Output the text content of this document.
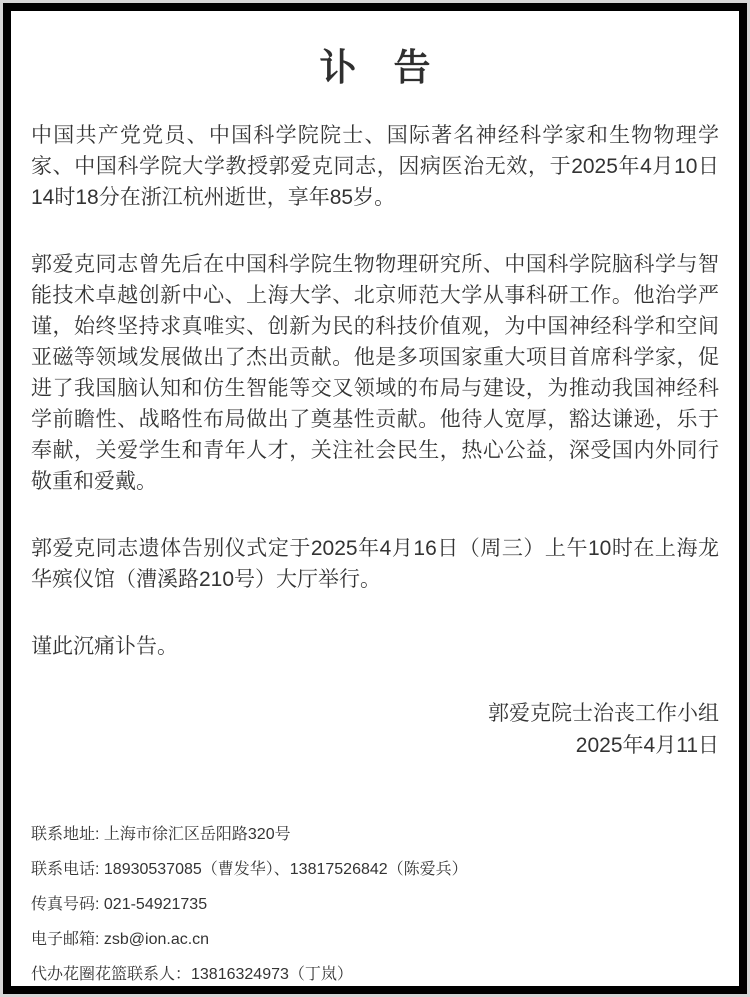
讣　告

中国共产党党员、中国科学院院士、国际著名神经科学家和生物物理学家、中国科学院大学教授郭爱克同志，因病医治无效，于2025年4月10日14时18分在浙江杭州逝世，享年85岁。

郭爱克同志曾先后在中国科学院生物物理研究所、中国科学院脑科学与智能技术卓越创新中心、上海大学、北京师范大学从事科研工作。他治学严谨，始终坚持求真唯实、创新为民的科技价值观，为中国神经科学和空间亚磁等领域发展做出了杰出贡献。他是多项国家重大项目首席科学家，促进了我国脑认知和仿生智能等交叉领域的布局与建设，为推动我国神经科学前瞻性、战略性布局做出了奠基性贡献。他待人宽厚，豁达谦逊，乐于奉献，关爱学生和青年人才，关注社会民生，热心公益，深受国内外同行敬重和爱戴。

郭爱克同志遗体告别仪式定于2025年4月16日（周三）上午10时在上海龙华殡仪馆（漕溪路210号）大厅举行。

谨此沉痛讣告。

郭爱克院士治丧工作小组
2025年4月11日
联系地址: 上海市徐汇区岳阳路320号
联系电话: 18930537085（曹发华）、13817526842（陈爱兵）
传真号码: 021-54921735
电子邮箱: zsb@ion.ac.cn
代办花圈花篮联系人：13816324973（丁岚）
